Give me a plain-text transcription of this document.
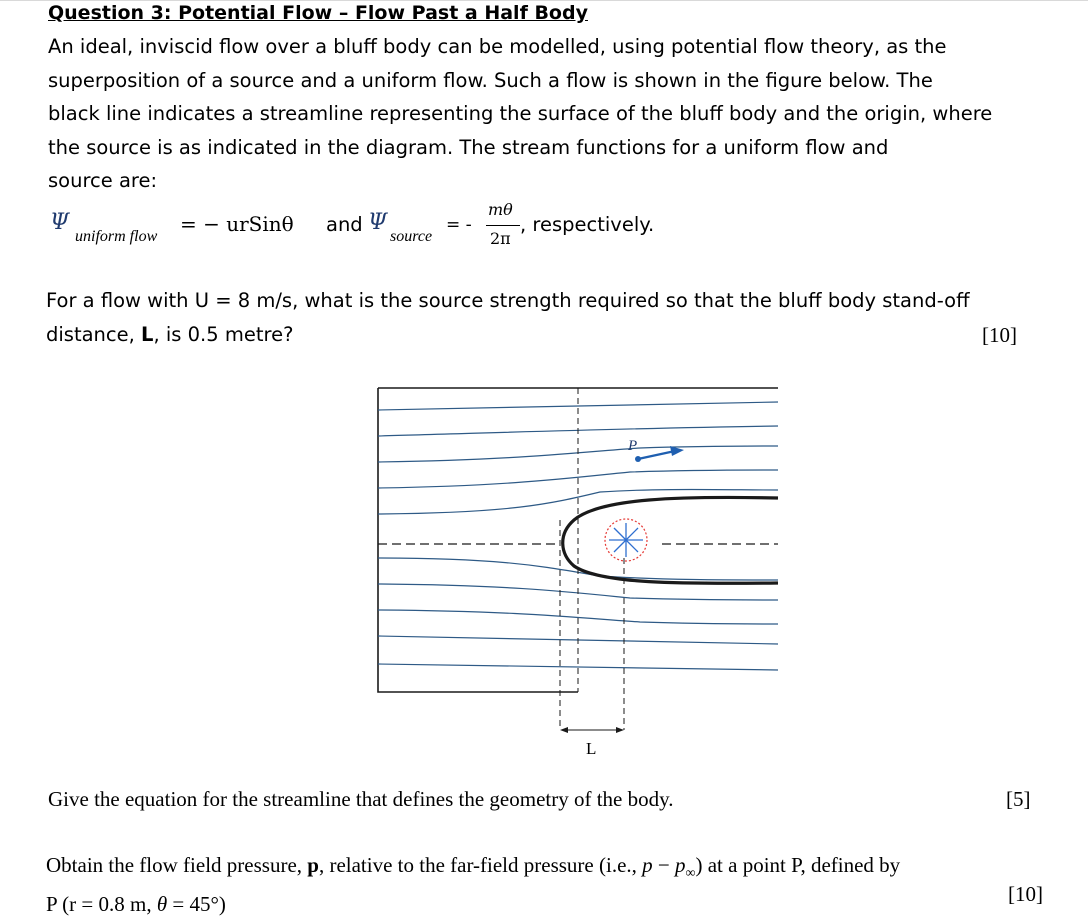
Question 3: Potential Flow – Flow Past a Half Body
An ideal, inviscid flow over a bluff body can be modelled, using potential flow theory, as the
superposition of a source and a uniform flow. Such a flow is shown in the figure below. The
black line indicates a streamline representing the surface of the bluff body and the origin, where
the source is as indicated in the diagram. The stream functions for a uniform flow and
source are:
Ψ
uniform flow
= − urSinθ and Ψ
source
= -
mθ
2π
, respectively.
For a flow with U = 8 m/s, what is the source strength required so that the bluff body stand-off
distance, L, is 0.5 metre?	[10]
P
L
Give the equation for the streamline that defines the geometry of the body.	[5]
Obtain the flow field pressure, p, relative to the far-field pressure (i.e., $p - p_\infty$) at a point P, defined by
P (r = 0.8 m, θ = 45°)	[10]
